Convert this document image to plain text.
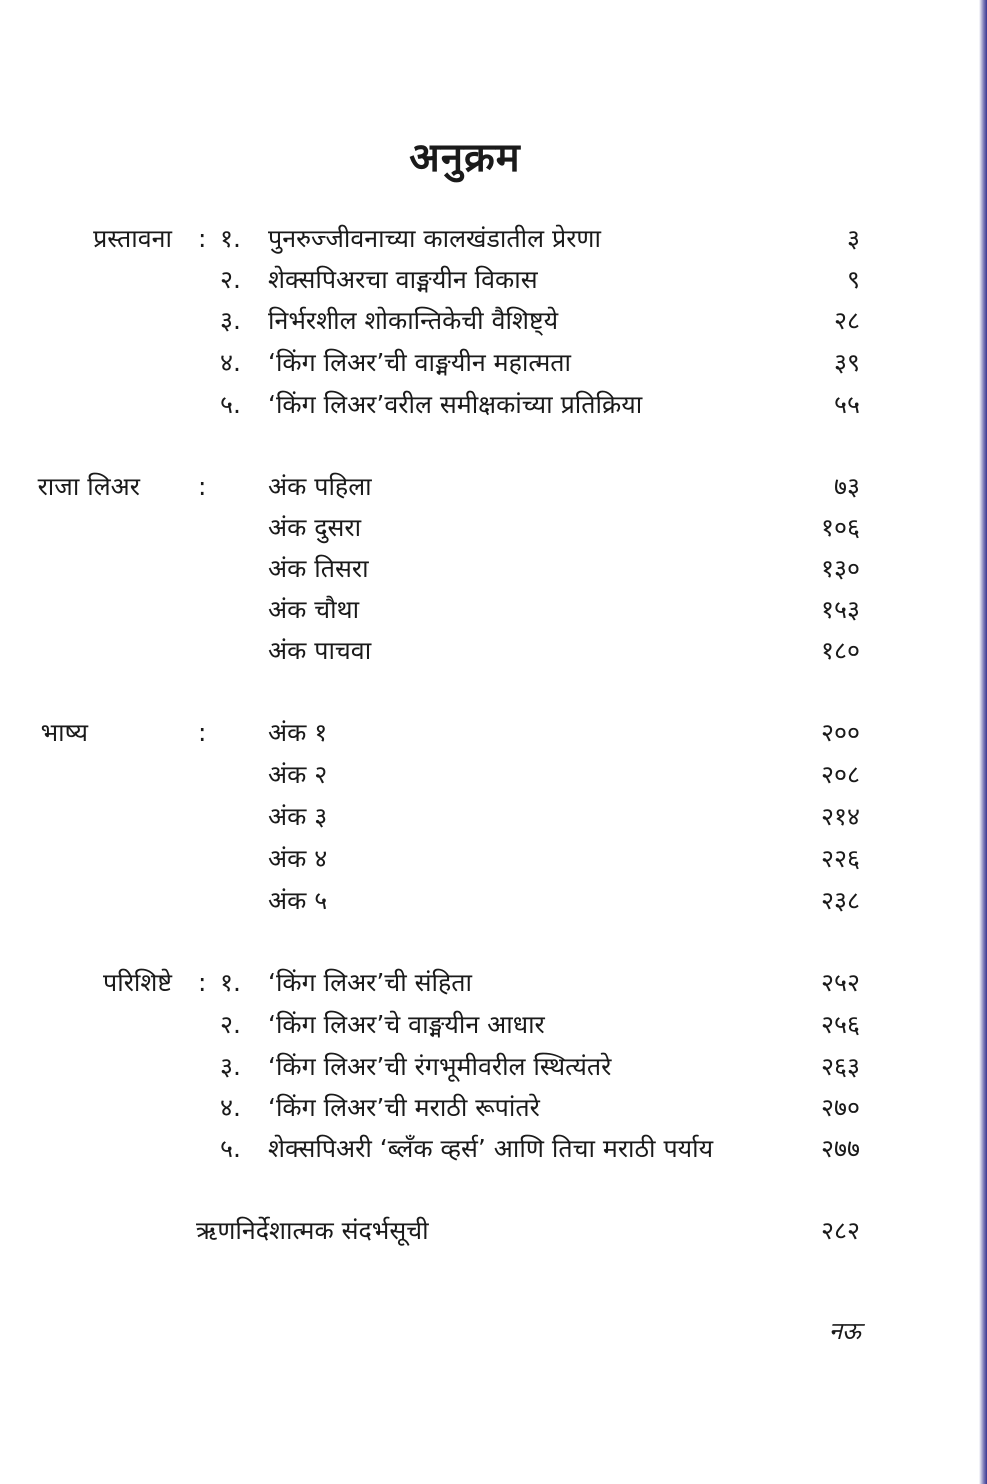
अनुक्रम
प्रस्तावना : १. पुनरुज्जीवनाच्या कालखंडातील प्रेरणा	३
२. शेक्सपिअरचा वाङ्मयीन विकास	९
३. निर्भरशील शोकान्तिकेची वैशिष्ट्ये	२८
४. ‘किंग लिअर’ची वाङ्मयीन महात्मता	३९
५. ‘किंग लिअर’वरील समीक्षकांच्या प्रतिक्रिया	५५
राजा लिअर : अंक पहिला	७३
अंक दुसरा	१०६
अंक तिसरा	१३०
अंक चौथा	१५३
अंक पाचवा	१८०
भाष्य	: अंक १	२००
अंक २	२०८
अंक ३	२१४
अंक ४	२२६
अंक ५	२३८
परिशिष्टे : १. ‘किंग लिअर’ची संहिता	२५२
२. ‘किंग लिअर’चे वाङ्मयीन आधार	२५६
३. ‘किंग लिअर’ची रंगभूमीवरील स्थित्यंतरे	२६३
४. ‘किंग लिअर’ची मराठी रूपांतरे	२७०
५. शेक्सपिअरी ‘ब्लँक व्हर्स’ आणि तिचा मराठी पर्याय	२७७
ऋणनिर्देशात्मक संदर्भसूची	२८२
नऊ
